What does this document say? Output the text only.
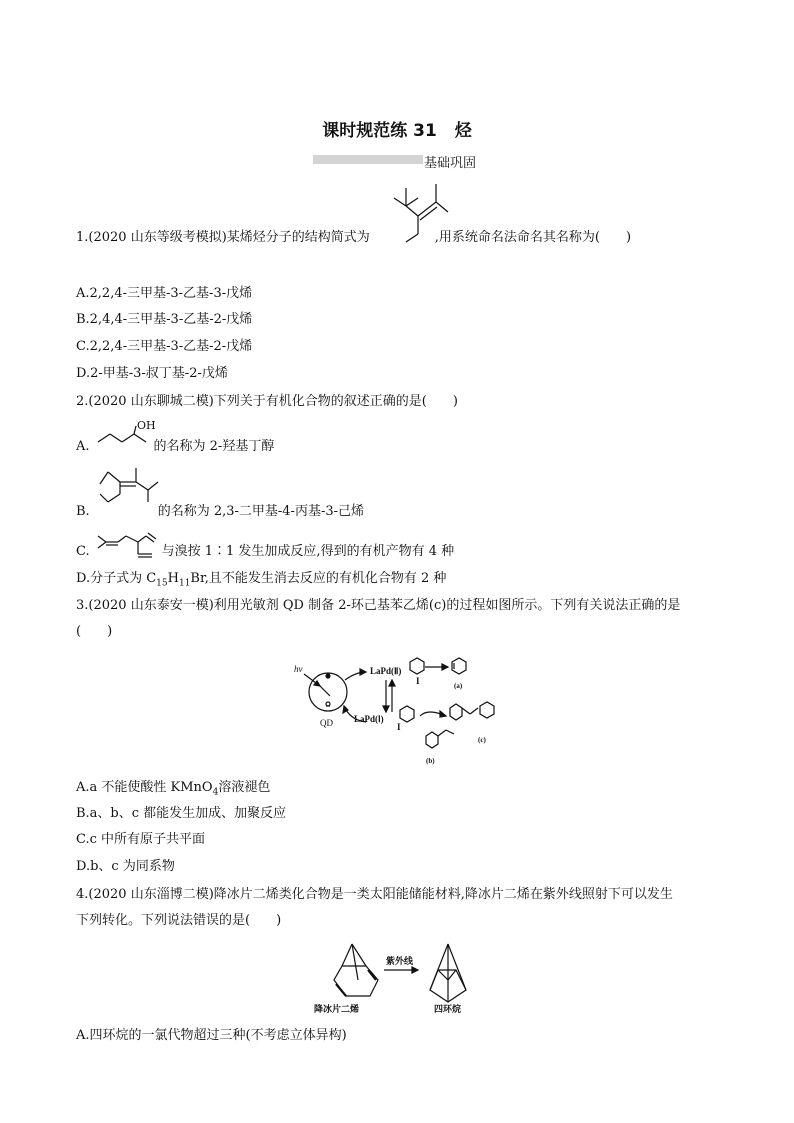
课时规范练 31 烃
基础巩固
1.(2020 山东等级考模拟)某烯烃分子的结构简式为	,用系统命名法命名其名称为(　　)
A.2,2,4-三甲基-3-乙基-3-戊烯
B.2,4,4-三甲基-3-乙基-2-戊烯
C.2,2,4-三甲基-3-乙基-2-戊烯
D.2-甲基-3-叔丁基-2-戊烯
2.(2020 山东聊城二模)下列关于有机化合物的叙述正确的是(　　)
OH
A.	的名称为 2-羟基丁醇
B.	的名称为 2,3-二甲基-4-丙基-3-己烯
C.	与溴按 1∶1 发生加成反应,得到的有机产物有 4 种
D.分子式为 $C_{15}H_{11}Br$,且不能发生消去反应的有机化合物有 2 种
3.(2020 山东泰安一模)利用光敏剂 QD 制备 2-环己基苯乙烯(c)的过程如图所示。下列有关说法正确的是
(　　)
hν
QD
LaPd(Ⅱ)
I	(a)
LaPd(Ⅰ)
I
(b)
(c)
A.a 不能使酸性 KMnO$_4$溶液褪色
B.a、b、c 都能发生加成、加聚反应
C.c 中所有原子共平面
D.b、c 为同系物
4.(2020 山东淄博二模)降冰片二烯类化合物是一类太阳能储能材料,降冰片二烯在紫外线照射下可以发生
下列转化。下列说法错误的是(　　)
降冰片二烯
紫外线
四环烷
A.四环烷的一氯代物超过三种(不考虑立体异构)
